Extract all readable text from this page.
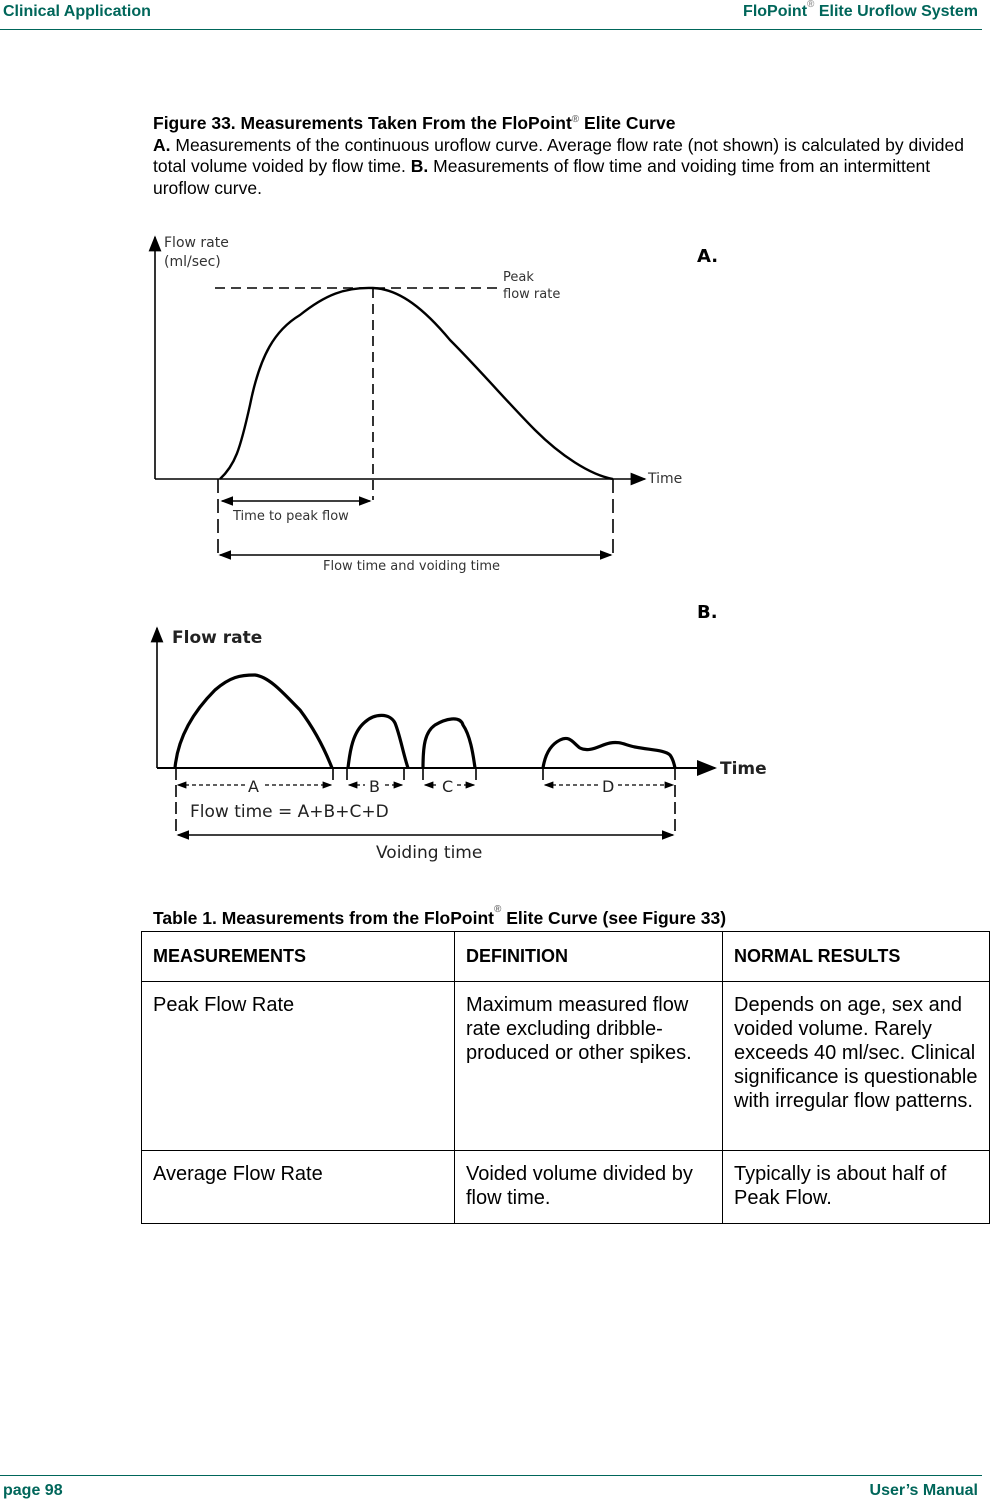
Clinical Application	FloPoint® Elite Uroflow System
Figure 33. Measurements Taken From the FloPoint® Elite Curve
A. Measurements of the continuous uroflow curve. Average flow rate (not shown) is calculated by divided total volume voided by flow time. B. Measurements of flow time and voiding time from an intermittent uroflow curve.
Flow rate
(ml/sec)
Peak
flow rate
Time
Time to peak flow
Flow time and voiding time
A.
Flow rate
Time
A	B	C	D
Flow time = A+B+C+D
Voiding time
B.
Table 1. Measurements from the FloPoint® Elite Curve (see Figure 33)
MEASUREMENTS	DEFINITION	NORMAL RESULTS
Peak Flow Rate	Maximum measured flow rate excluding dribble-produced or other spikes.	Depends on age, sex and voided volume. Rarely exceeds 40 ml/sec. Clinical significance is questionable with irregular flow patterns.
Average Flow Rate	Voided volume divided by flow time.	Typically is about half of Peak Flow.
page 98	User’s Manual
